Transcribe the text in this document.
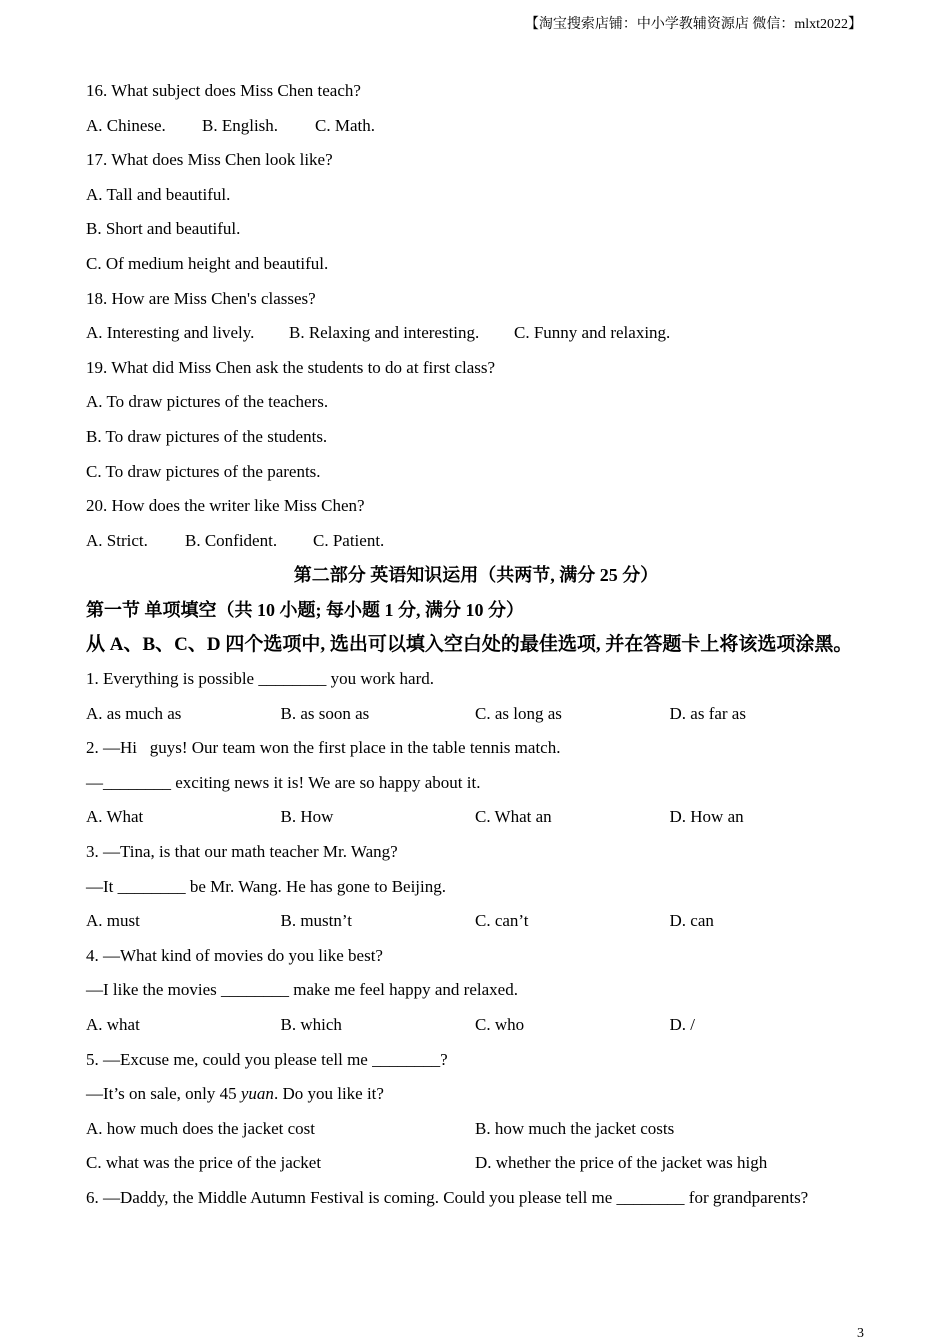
【淘宝搜索店铺：中小学教辅资源店 微信：mlxt2022】
16. What subject does Miss Chen teach?
A. Chinese. B. English. C. Math.
17. What does Miss Chen look like?
A. Tall and beautiful.
B. Short and beautiful.
C. Of medium height and beautiful.
18. How are Miss Chen's classes?
A. Interesting and lively. B. Relaxing and interesting. C. Funny and relaxing.
19. What did Miss Chen ask the students to do at first class?
A. To draw pictures of the teachers.
B. To draw pictures of the students.
C. To draw pictures of the parents.
20. How does the writer like Miss Chen?
A. Strict. B. Confident. C. Patient.
第二部分 英语知识运用（共两节, 满分 25 分）
第一节 单项填空（共 10 小题; 每小题 1 分, 满分 10 分）
从 A、B、C、D 四个选项中, 选出可以填入空白处的最佳选项, 并在答题卡上将该选项涂黑。
1. Everything is possible ________ you work hard.
A. as much as	B. as soon as	C. as long as	D. as far as
2. —Hi   guys! Our team won the first place in the table tennis match.
—________ exciting news it is! We are so happy about it.
A. What	B. How	C. What an	D. How an
3. —Tina, is that our math teacher Mr. Wang?
—It ________ be Mr. Wang. He has gone to Beijing.
A. must	B. mustn’t	C. can’t	D. can
4. —What kind of movies do you like best?
—I like the movies ________ make me feel happy and relaxed.
A. what	B. which	C. who	D. /
5. —Excuse me, could you please tell me ________?
—It’s on sale, only 45 yuan. Do you like it?
A. how much does the jacket cost	B. how much the jacket costs
C. what was the price of the jacket	D. whether the price of the jacket was high
6. —Daddy, the Middle Autumn Festival is coming. Could you please tell me ________ for grandparents?
3
